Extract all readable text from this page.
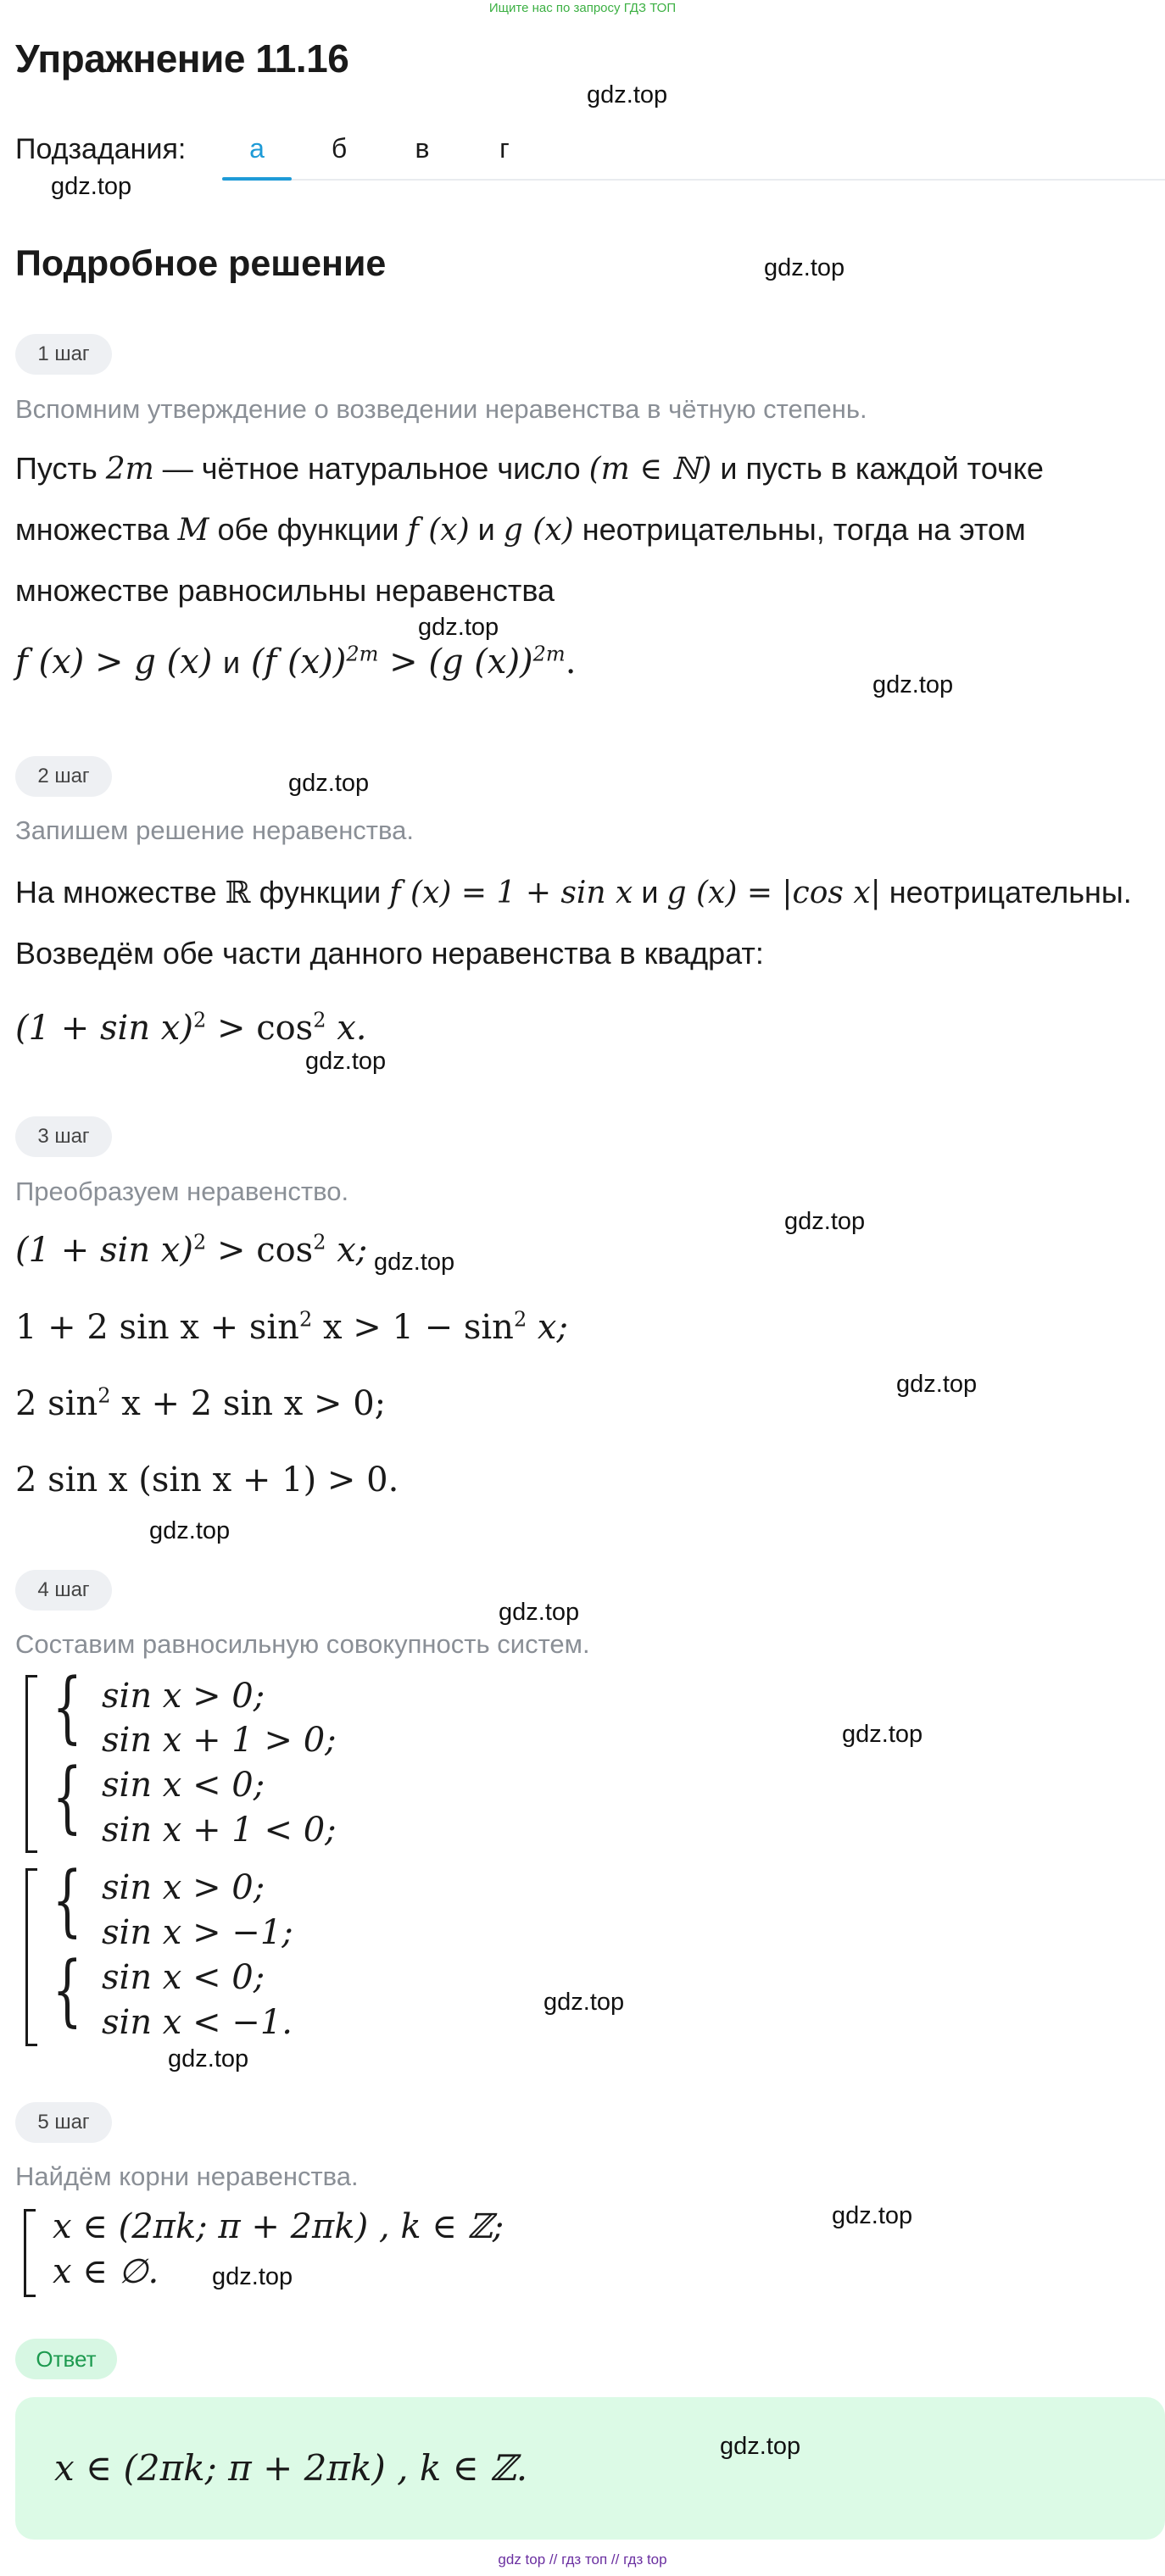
Ищите нас по запросу ГДЗ ТОП
Упражнение 11.16
Подзадания:	а	б	в	г
Подробное решение
1 шаг
Вспомним утверждение о возведении неравенства в чётную степень.
Пусть 2m — чётное натуральное число (m ∈ ℕ) и пусть в каждой точке
множества M обе функции f (x) и g (x) неотрицательны, тогда на этом
множестве равносильны неравенства
f (x) > g (x) и (f (x))$^{2m}$ > (g (x))$^{2m}$.
2 шаг
Запишем решение неравенства.
На множестве ℝ функции f (x) = 1 + sin x и g (x) = |cos x| неотрицательны.
Возведём обе части данного неравенства в квадрат:
$(1 + \sin x)^2 > \cos^2 x$.
3 шаг
Преобразуем неравенство.
$(1 + \sin x)^2 > \cos^2 x$;
1 + 2 $\sin x + \sin^2 x > 1 - \sin^2 x$;
2 $\sin^2 x + 2$ sin x > 0;
2 sin x (sin x + 1) > 0.
4 шаг
Составим равносильную совокупность систем.
{
{
sin x > 0;
sin x + 1 > 0;
sin x < 0;
sin x + 1 < 0;
{
{
sin x > 0;
sin x > −1;
sin x < 0;
sin x < −1.
5 шаг
Найдём корни неравенства.
x ∈ (2πk; π + 2πk) , k ∈ ℤ;
x ∈ ∅.
Ответ
x ∈ (2πk; π + 2πk) , k ∈ ℤ.
gdz.top
gdz.top
gdz.top
gdz.top
gdz.top
gdz.top
gdz.top
gdz.top
gdz.top
gdz.top
gdz.top
gdz.top
gdz.top
gdz.top
gdz.top
gdz.top
gdz.top
gdz.top
gdz top // гдз топ // гдз top
